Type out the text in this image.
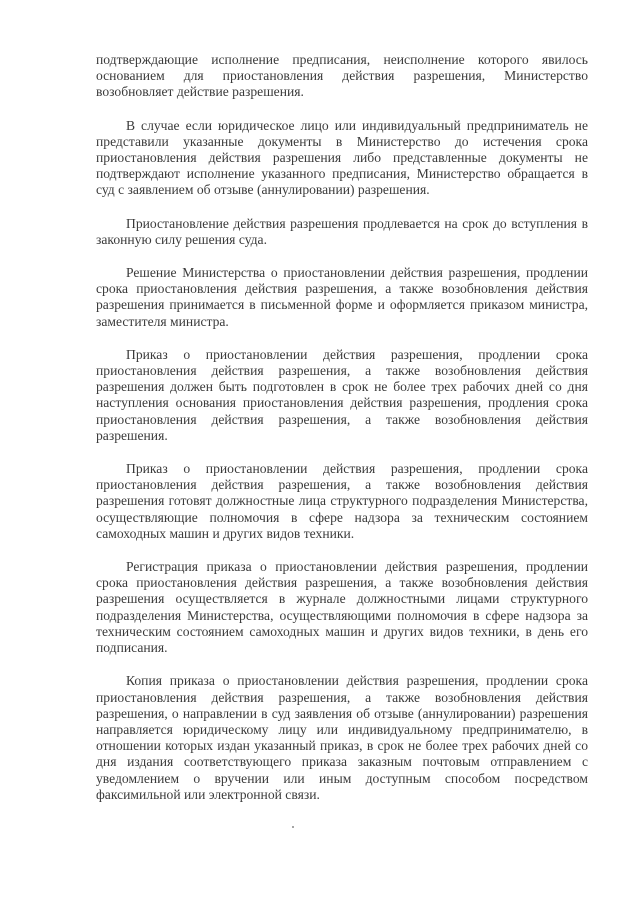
подтверждающие исполнение предписания, неисполнение которого явилось основанием для приостановления действия разрешения, Министерство возобновляет действие разрешения.

В случае если юридическое лицо или индивидуальный предприниматель не представили указанные документы в Министерство до истечения срока приостановления действия разрешения либо представленные документы не подтверждают исполнение указанного предписания, Министерство обращается в суд с заявлением об отзыве (аннулировании) разрешения.

Приостановление действия разрешения продлевается на срок до вступления в законную силу решения суда.

Решение Министерства о приостановлении действия разрешения, продлении срока приостановления действия разрешения, а также возобновления действия разрешения принимается в письменной форме и оформляется приказом министра, заместителя министра.

Приказ о приостановлении действия разрешения, продлении срока приостановления действия разрешения, а также возобновления действия разрешения должен быть подготовлен в срок не более трех рабочих дней со дня наступления основания приостановления действия разрешения, продления срока приостановления действия разрешения, а также возобновления действия разрешения.

Приказ о приостановлении действия разрешения, продлении срока приостановления действия разрешения, а также возобновления действия разрешения готовят должностные лица структурного подразделения Министерства, осуществляющие полномочия в сфере надзора за техническим состоянием самоходных машин и других видов техники.

Регистрация приказа о приостановлении действия разрешения, продлении срока приостановления действия разрешения, а также возобновления действия разрешения осуществляется в журнале должностными лицами структурного подразделения Министерства, осуществляющими полномочия в сфере надзора за техническим состоянием самоходных машин и других видов техники, в день его подписания.

Копия приказа о приостановлении действия разрешения, продлении срока приостановления действия разрешения, а также возобновления действия разрешения, о направлении в суд заявления об отзыве (аннулировании) разрешения направляется юридическому лицу или индивидуальному предпринимателю, в отношении которых издан указанный приказ, в срок не более трех рабочих дней со дня издания соответствующего приказа заказным почтовым отправлением с уведомлением о вручении или иным доступным способом посредством факсимильной или электронной связи.
